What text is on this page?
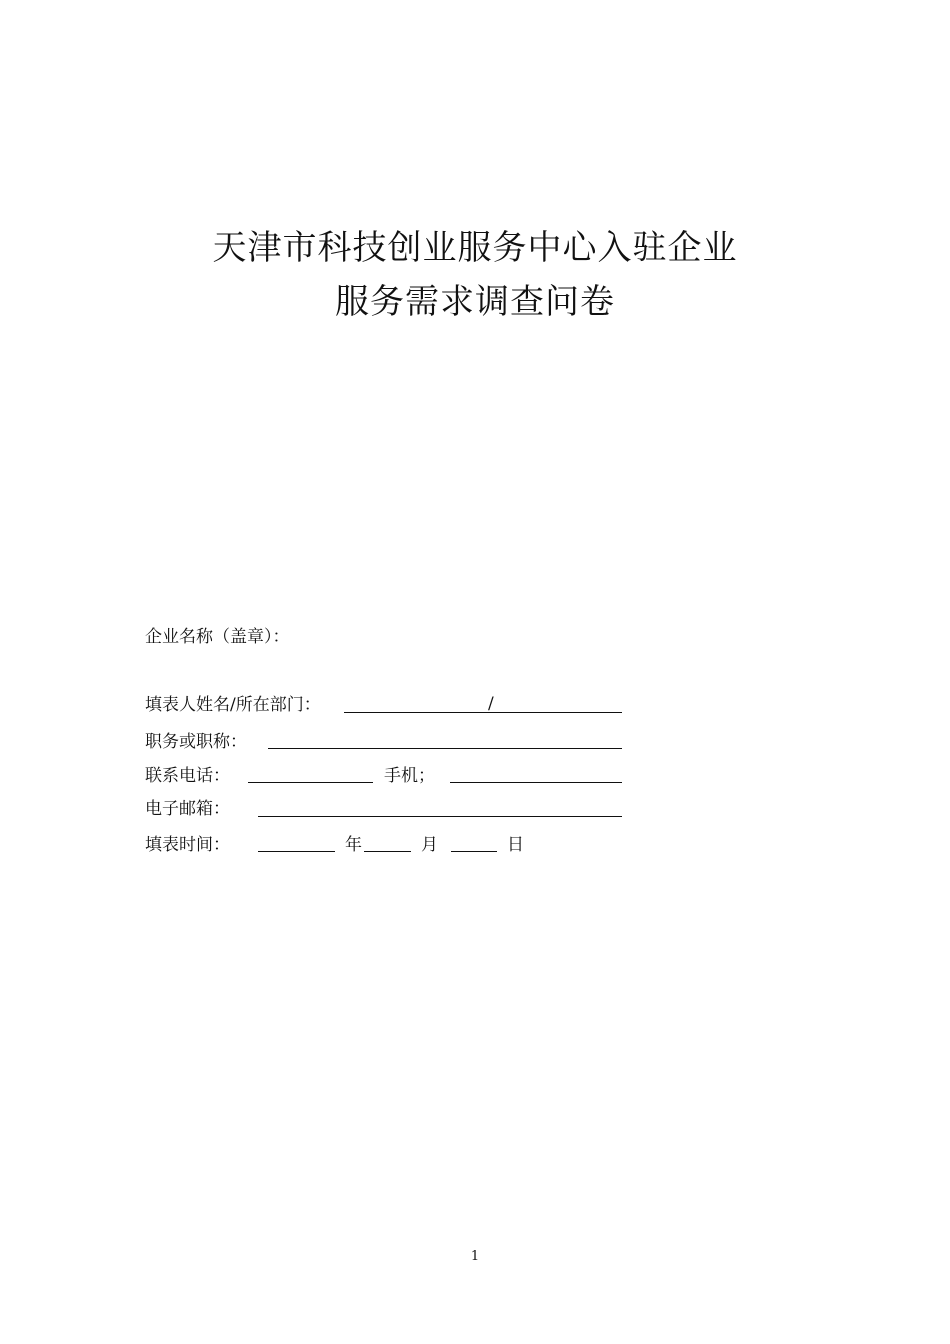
天津市科技创业服务中心入驻企业
服务需求调查问卷
企业名称（盖章）：
填表人姓名/所在部门：	/
职务或职称：
联系电话：	手机；
电子邮箱：
填表时间：	年	月	日
1
